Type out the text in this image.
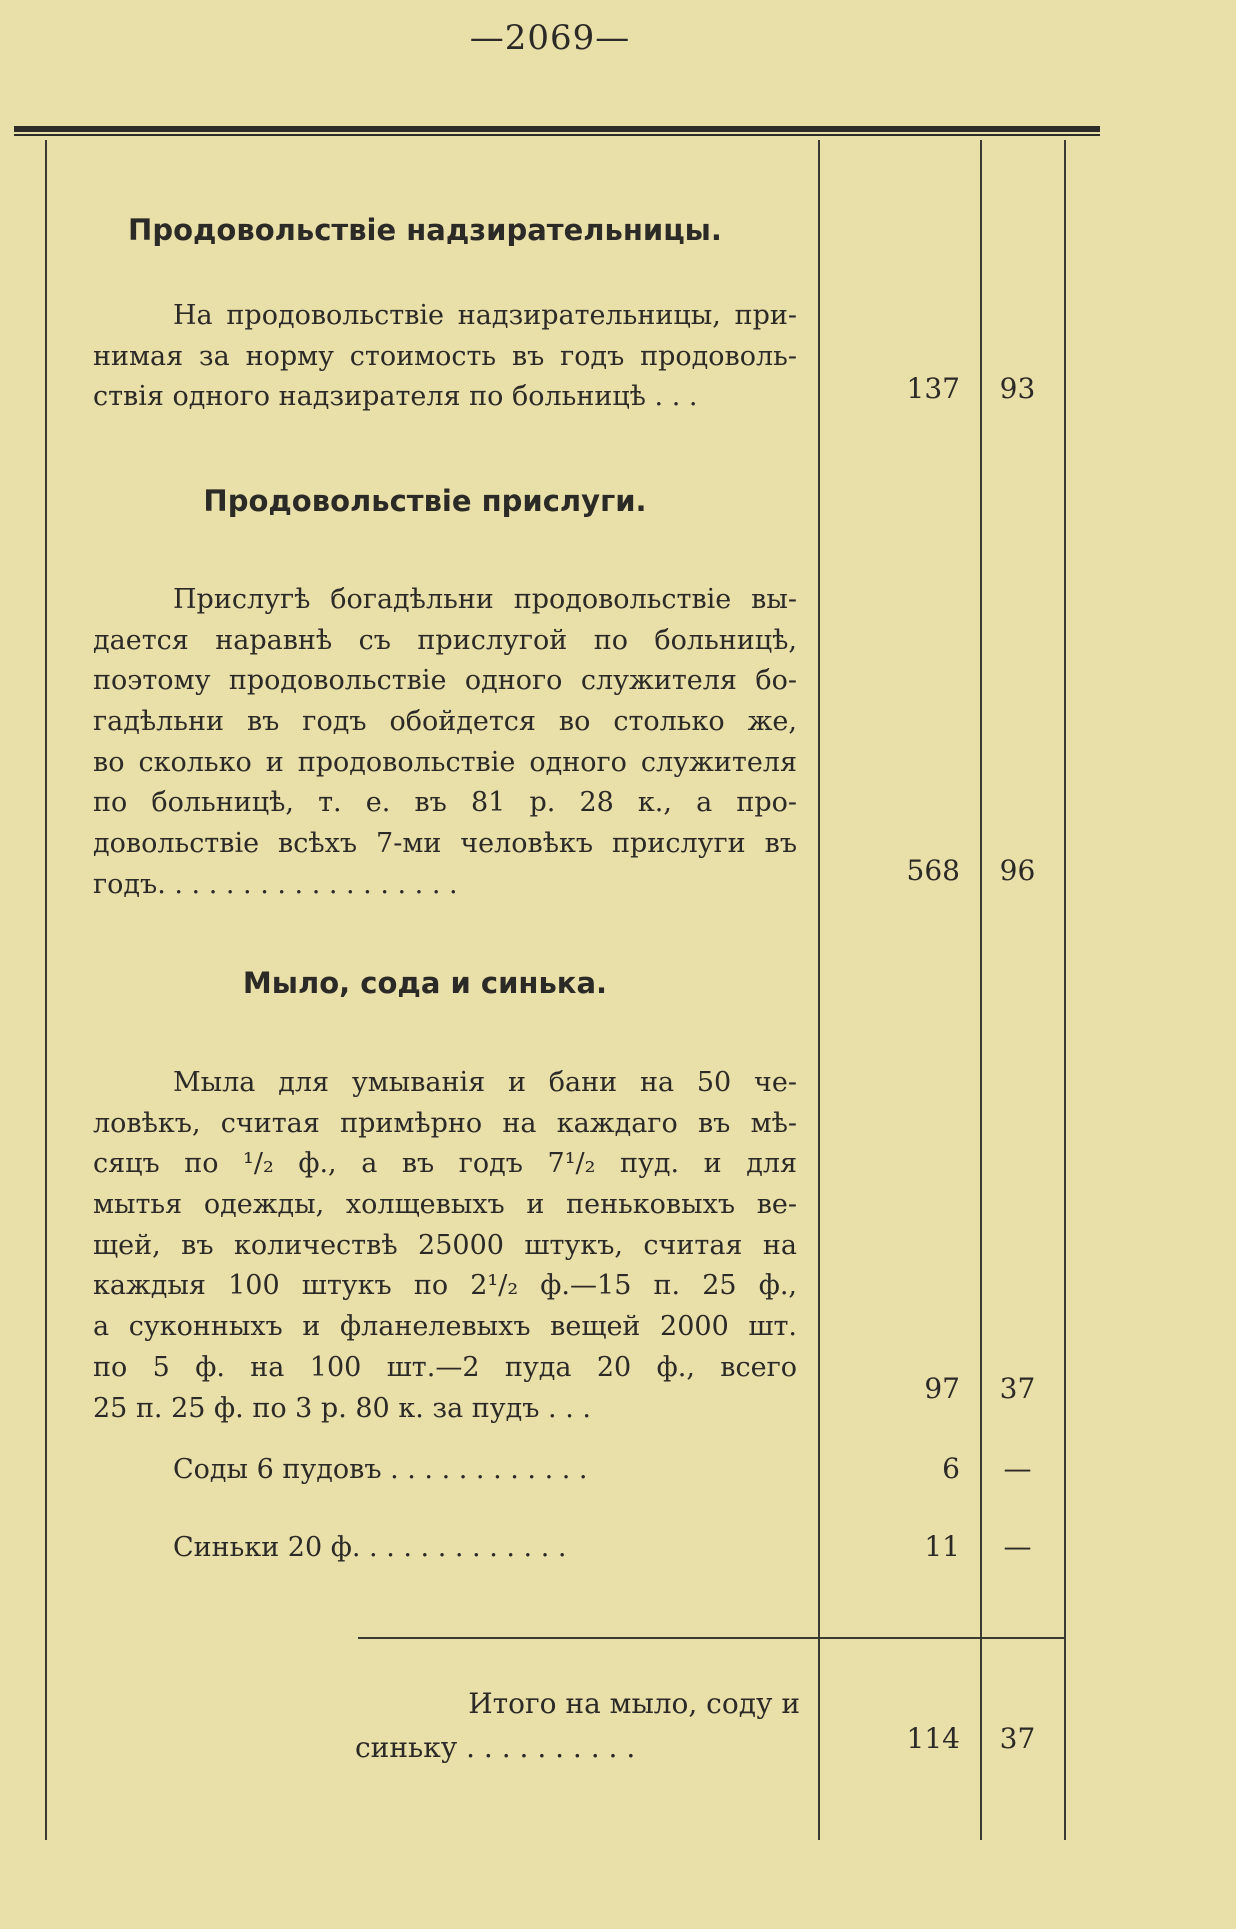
—2069—
Продовольствіе надзирательницы.
На продовольствіе надзирательницы, при-
нимая за норму стоимость въ годъ продоволь-
ствія одного надзирателя по больницѣ . . .	137	93
Продовольствіе прислуги.
Прислугѣ богадѣльни продовольствіе вы-
дается наравнѣ съ прислугой по больницѣ,
поэтому продовольствіе одного служителя бо-
гадѣльни въ годъ обойдется во столько же,
во сколько и продовольствіе одного служителя
по больницѣ, т. е. въ 81 р. 28 к., а про-
довольствіе всѣхъ 7-ми человѣкъ прислуги въ
годъ. . . . . . . . . . . . . . . . . .	568	96
Мыло, сода и синька.
Мыла для умыванія и бани на 50 че-
ловѣкъ, считая примѣрно на каждаго въ мѣ-
сяцъ по ¹/₂ ф., а въ годъ 7¹/₂ пуд. и для
мытья одежды, холщевыхъ и пеньковыхъ ве-
щей, въ количествѣ 25000 штукъ, считая на
каждыя 100 штукъ по 2¹/₂ ф.—15 п. 25 ф.,
а суконныхъ и фланелевыхъ вещей 2000 шт.
по 5 ф. на 100 шт.—2 пуда 20 ф., всего
25 п. 25 ф. по 3 р. 80 к. за пудъ . . .
97	37
Соды 6 пудовъ . . . . . . . . . . . .	6	—
Синьки 20 ф. . . . . . . . . . . . .	11	—
Итого на мыло, соду и
синьку . . . . . . . . . .	114	37
